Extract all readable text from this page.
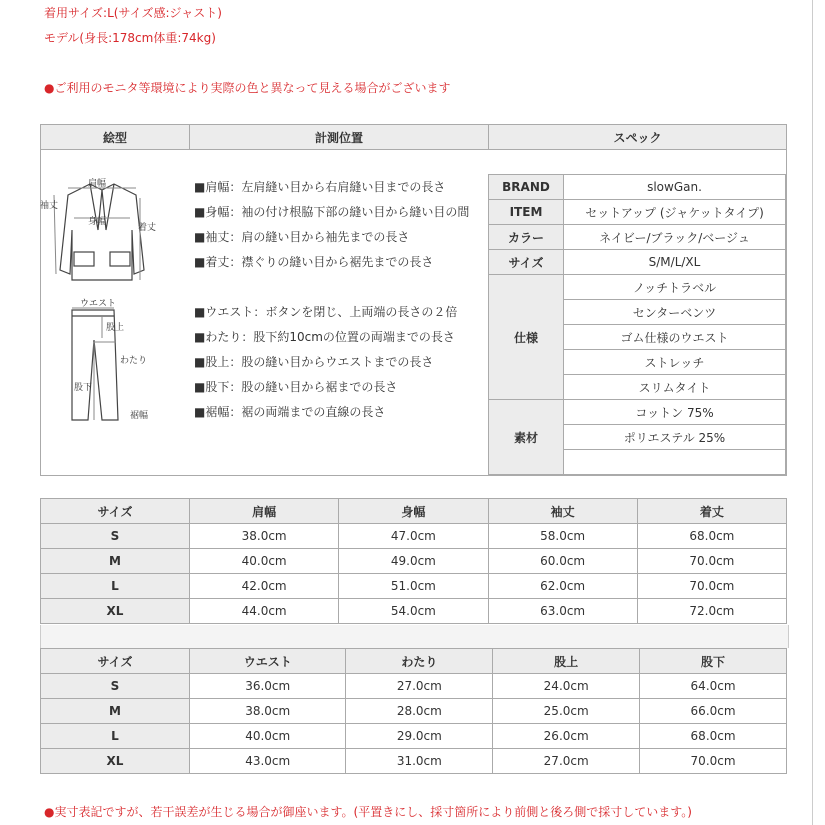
着用サイズ:L(サイズ感:ジャスト)
モデル(身長:178cm体重:74kg)
●ご利用のモニタ等環境により実際の色と異なって見える場合がございます
絵型	計測位置	スペック

肩幅
袖丈
身幅
着丈
ウエスト
股上
わたり
股下
裾幅
■肩幅：左肩縫い目から右肩縫い目までの長さ
■身幅：袖の付け根脇下部の縫い目から縫い目の間
■袖丈：肩の縫い目から袖先までの長さ
■着丈：襟ぐりの縫い目から裾先までの長さ
■ウエスト：ボタンを閉じ、上両端の長さの２倍
■わたり：股下約10cmの位置の両端までの長さ
■股上：股の縫い目からウエストまでの長さ
■股下：股の縫い目から裾までの長さ
■裾幅：裾の両端までの直線の長さ
BRAND	slowGan.
ITEM	セットアップ (ジャケットタイプ)
カラー	ネイビー/ブラック/ベージュ
サイズ	S/M/L/XL
仕様	ノッチトラベル
	センターベンツ
	ゴム仕様のウエスト
	ストレッチ
	スリムタイト
素材	コットン 75%
	ポリエステル 25%

サイズ	肩幅	身幅	袖丈	着丈
S	38.0cm	47.0cm	58.0cm	68.0cm
M	40.0cm	49.0cm	60.0cm	70.0cm
L	42.0cm	51.0cm	62.0cm	70.0cm
XL	44.0cm	54.0cm	63.0cm	72.0cm
サイズ	ウエスト	わたり	股上	股下
S	36.0cm	27.0cm	24.0cm	64.0cm
M	38.0cm	28.0cm	25.0cm	66.0cm
L	40.0cm	29.0cm	26.0cm	68.0cm
XL	43.0cm	31.0cm	27.0cm	70.0cm
●実寸表記ですが、若干誤差が生じる場合が御座います。(平置きにし、採寸箇所により前側と後ろ側で採寸しています。)
